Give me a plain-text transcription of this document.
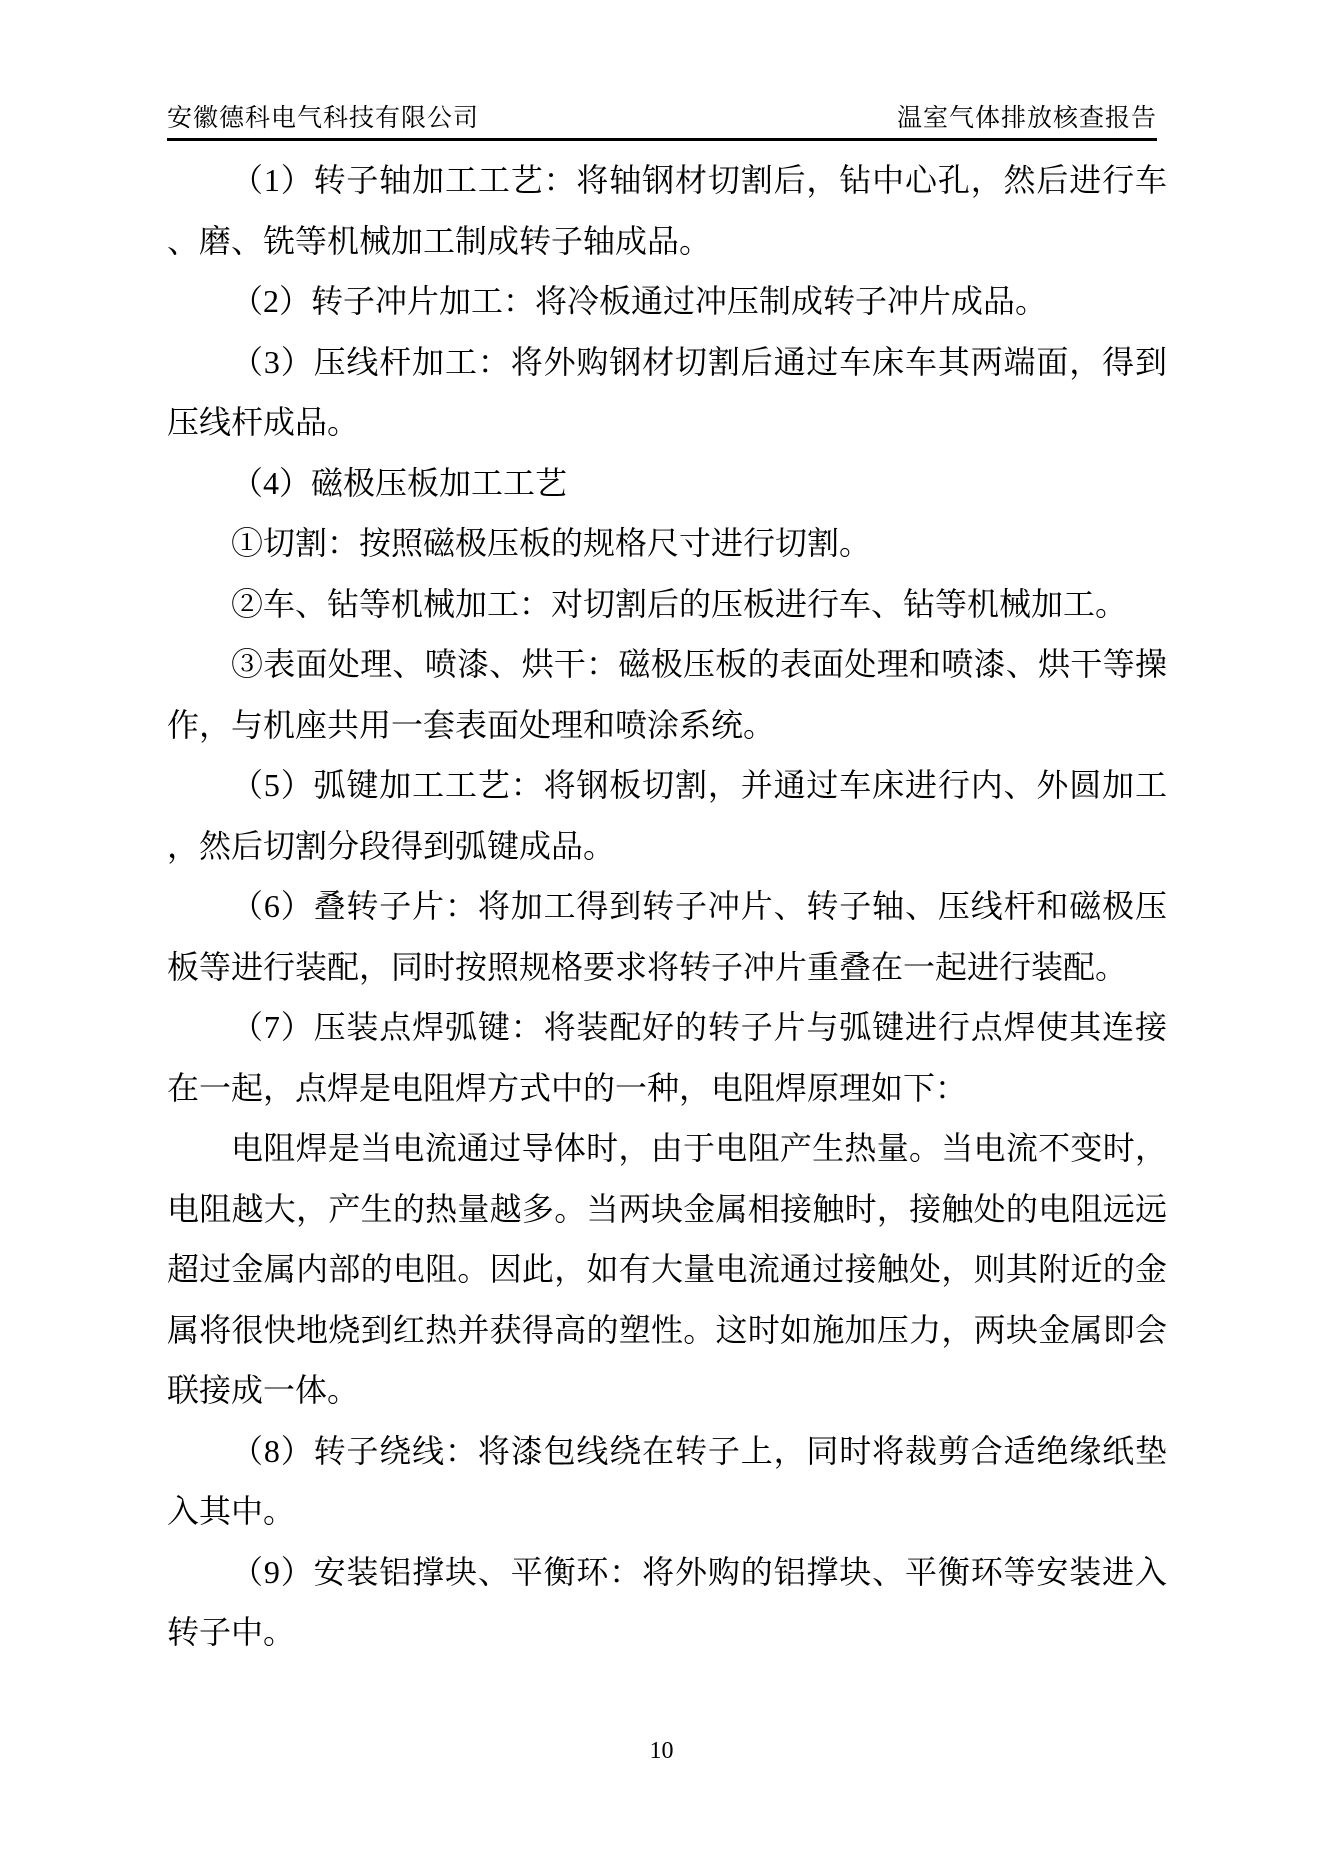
安徽德科电气科技有限公司	温室气体排放核查报告

（1）转子轴加工工艺：将轴钢材切割后，钻中心孔，然后进行车、磨、铣等机械加工制成转子轴成品。

（2）转子冲片加工：将冷板通过冲压制成转子冲片成品。

（3）压线杆加工：将外购钢材切割后通过车床车其两端面，得到压线杆成品。

（4）磁极压板加工工艺

①切割：按照磁极压板的规格尺寸进行切割。

②车、钻等机械加工：对切割后的压板进行车、钻等机械加工。

③表面处理、喷漆、烘干：磁极压板的表面处理和喷漆、烘干等操作，与机座共用一套表面处理和喷涂系统。

（5）弧键加工工艺：将钢板切割，并通过车床进行内、外圆加工，然后切割分段得到弧键成品。

（6）叠转子片：将加工得到转子冲片、转子轴、压线杆和磁极压板等进行装配，同时按照规格要求将转子冲片重叠在一起进行装配。

（7）压装点焊弧键：将装配好的转子片与弧键进行点焊使其连接在一起，点焊是电阻焊方式中的一种，电阻焊原理如下：

电阻焊是当电流通过导体时，由于电阻产生热量。当电流不变时，电阻越大，产生的热量越多。当两块金属相接触时，接触处的电阻远远超过金属内部的电阻。因此，如有大量电流通过接触处，则其附近的金属将很快地烧到红热并获得高的塑性。这时如施加压力，两块金属即会联接成一体。

（8）转子绕线：将漆包线绕在转子上，同时将裁剪合适绝缘纸垫入其中。

（9）安装铝撑块、平衡环：将外购的铝撑块、平衡环等安装进入转子中。

10
